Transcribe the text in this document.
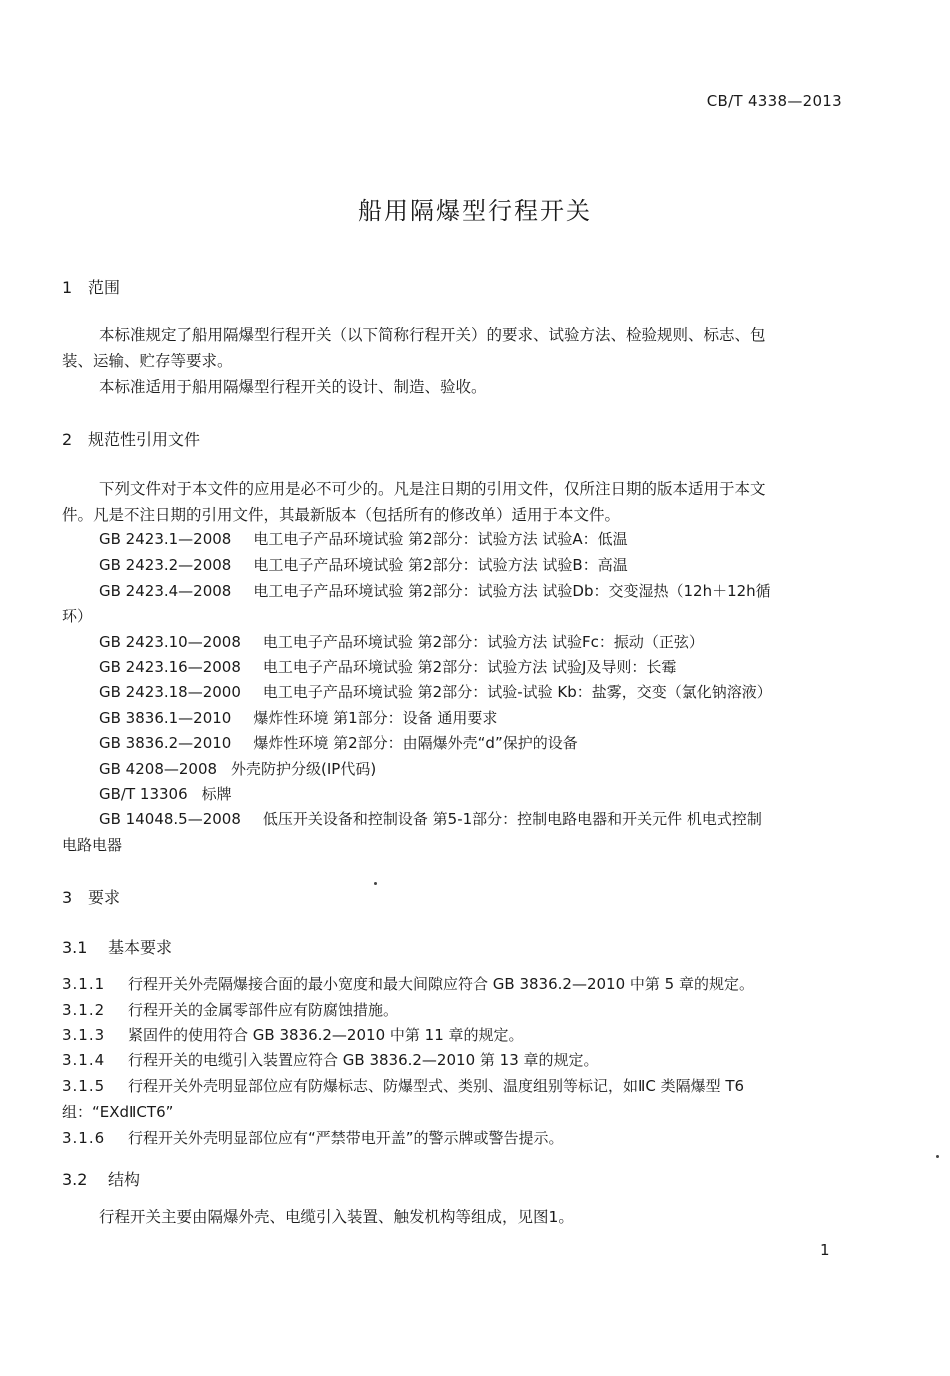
CB/T 4338—2013
船用隔爆型行程开关
1 范围
本标准规定了船用隔爆型行程开关（以下简称行程开关）的要求、试验方法、检验规则、标志、包
装、运输、贮存等要求。
本标准适用于船用隔爆型行程开关的设计、制造、验收。
2 规范性引用文件
下列文件对于本文件的应用是必不可少的。凡是注日期的引用文件，仅所注日期的版本适用于本文
件。凡是不注日期的引用文件，其最新版本（包括所有的修改单）适用于本文件。
GB 2423.1—2008 电工电子产品环境试验 第2部分：试验方法 试验A：低温
GB 2423.2—2008 电工电子产品环境试验 第2部分：试验方法 试验B：高温
GB 2423.4—2008 电工电子产品环境试验 第2部分：试验方法 试验Db：交变湿热（12h＋12h循
环）
GB 2423.10—2008 电工电子产品环境试验 第2部分：试验方法 试验Fc：振动（正弦）
GB 2423.16—2008 电工电子产品环境试验 第2部分：试验方法 试验J及导则：长霉
GB 2423.18—2000 电工电子产品环境试验 第2部分：试验-试验 Kb：盐雾，交变（氯化钠溶液）
GB 3836.1—2010 爆炸性环境 第1部分：设备 通用要求
GB 3836.2—2010 爆炸性环境 第2部分：由隔爆外壳“d”保护的设备
GB 4208—2008 外壳防护分级(IP代码)
GB/T 13306 标牌
GB 14048.5—2008 低压开关设备和控制设备 第5-1部分：控制电路电器和开关元件 机电式控制
电路电器
3 要求
3.1 基本要求
3.1.1 行程开关外壳隔爆接合面的最小宽度和最大间隙应符合 GB 3836.2—2010 中第 5 章的规定。
3.1.2 行程开关的金属零部件应有防腐蚀措施。
3.1.3 紧固件的使用符合 GB 3836.2—2010 中第 11 章的规定。
3.1.4 行程开关的电缆引入装置应符合 GB 3836.2—2010 第 13 章的规定。
3.1.5 行程开关外壳明显部位应有防爆标志、防爆型式、类别、温度组别等标记，如ⅡC 类隔爆型 T6
组：“EXdⅡCT6”
3.1.6 行程开关外壳明显部位应有“严禁带电开盖”的警示牌或警告提示。
3.2 结构
行程开关主要由隔爆外壳、电缆引入装置、触发机构等组成，见图1。
1
